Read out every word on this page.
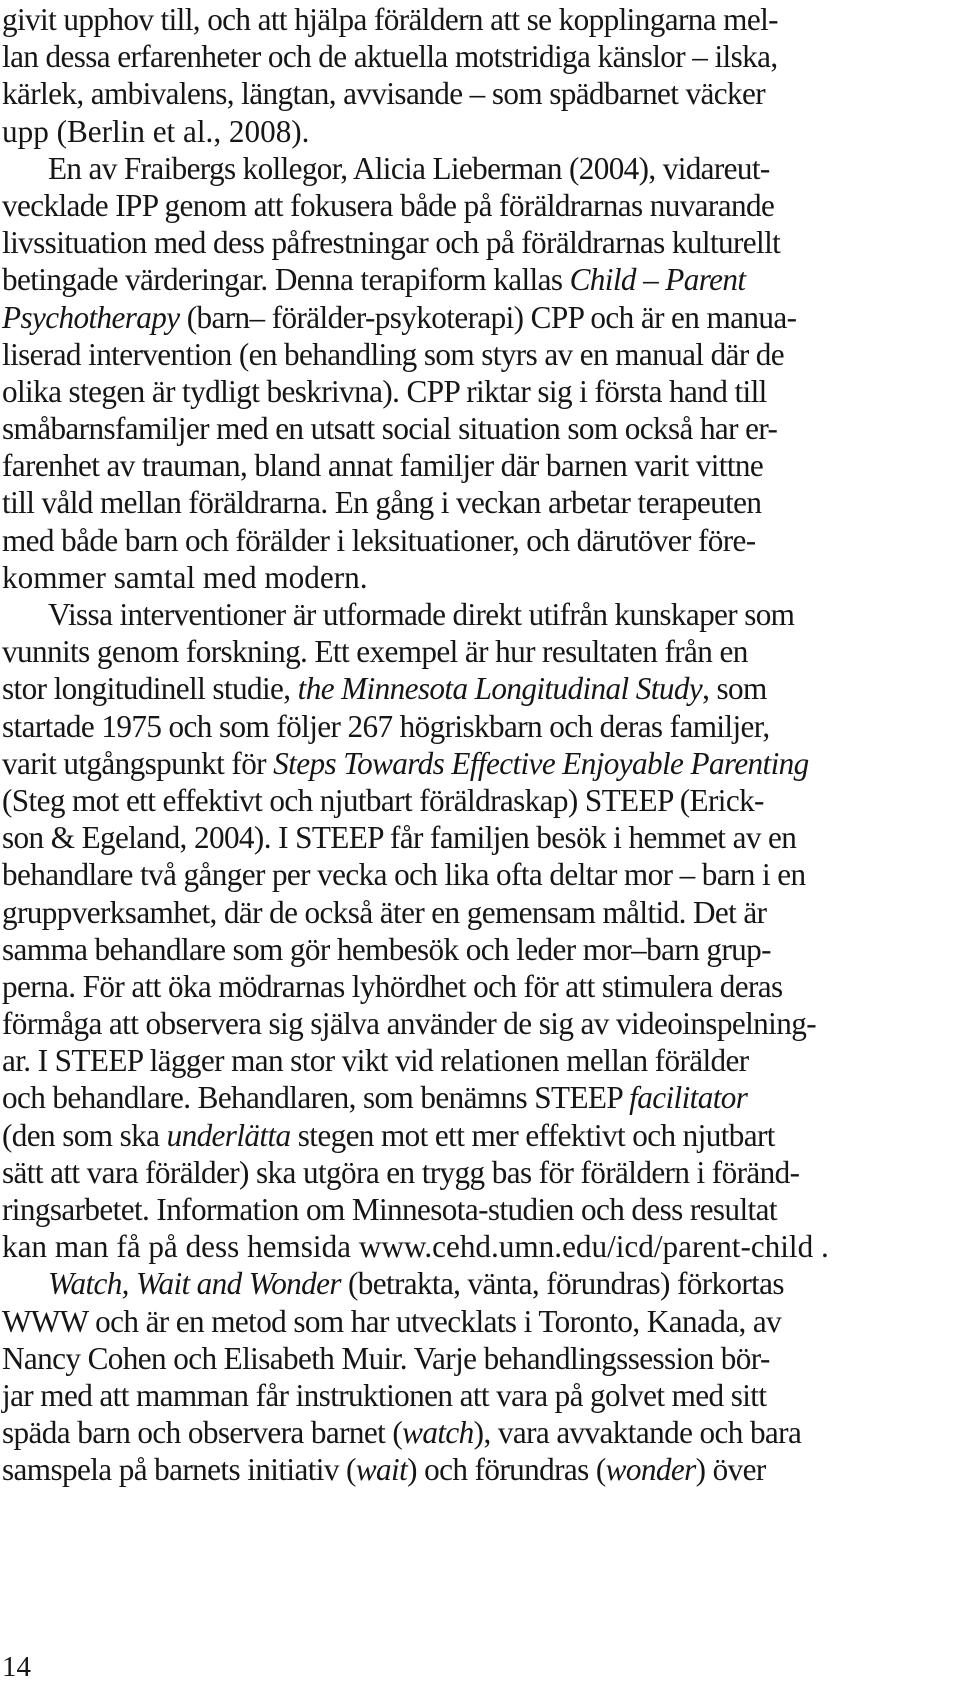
givit upphov till, och att hjälpa föräldern att se kopplingarna mel-
lan dessa erfarenheter och de aktuella motstridiga känslor – ilska,
kärlek, ambivalens, längtan, avvisande – som spädbarnet väcker
upp (Berlin et al., 2008).
En av Fraibergs kollegor, Alicia Lieberman (2004), vidareut-
vecklade IPP genom att fokusera både på föräldrarnas nuvarande
livssituation med dess påfrestningar och på föräldrarnas kulturellt
betingade värderingar. Denna terapiform kallas Child – Parent
Psychotherapy (barn– förälder-psykoterapi) CPP och är en manua-
liserad intervention (en behandling som styrs av en manual där de
olika stegen är tydligt beskrivna). CPP riktar sig i första hand till
småbarnsfamiljer med en utsatt social situation som också har er-
farenhet av trauman, bland annat familjer där barnen varit vittne
till våld mellan föräldrarna. En gång i veckan arbetar terapeuten
med både barn och förälder i leksituationer, och därutöver före-
kommer samtal med modern.
Vissa interventioner är utformade direkt utifrån kunskaper som
vunnits genom forskning. Ett exempel är hur resultaten från en
stor longitudinell studie, the Minnesota Longitudinal Study, som
startade 1975 och som följer 267 högriskbarn och deras familjer,
varit utgångspunkt för Steps Towards Effective Enjoyable Parenting
(Steg mot ett effektivt och njutbart föräldraskap) STEEP (Erick-
son & Egeland, 2004). I STEEP får familjen besök i hemmet av en
behandlare två gånger per vecka och lika ofta deltar mor – barn i en
gruppverksamhet, där de också äter en gemensam måltid. Det är
samma behandlare som gör hembesök och leder mor–barn grup-
perna. För att öka mödrarnas lyhördhet och för att stimulera deras
förmåga att observera sig själva använder de sig av videoinspelning-
ar. I STEEP lägger man stor vikt vid relationen mellan förälder
och behandlare. Behandlaren, som benämns STEEP facilitator
(den som ska underlätta stegen mot ett mer effektivt och njutbart
sätt att vara förälder) ska utgöra en trygg bas för föräldern i föränd-
ringsarbetet. Information om Minnesota-studien och dess resultat
kan man få på dess hemsida www.cehd.umn.edu/icd/parent-child .
Watch, Wait and Wonder (betrakta, vänta, förundras) förkortas
WWW och är en metod som har utvecklats i Toronto, Kanada, av
Nancy Cohen och Elisabeth Muir. Varje behandlingssession bör-
jar med att mamman får instruktionen att vara på golvet med sitt
späda barn och observera barnet (watch), vara avvaktande och bara
samspela på barnets initiativ (wait) och förundras (wonder) över
14
